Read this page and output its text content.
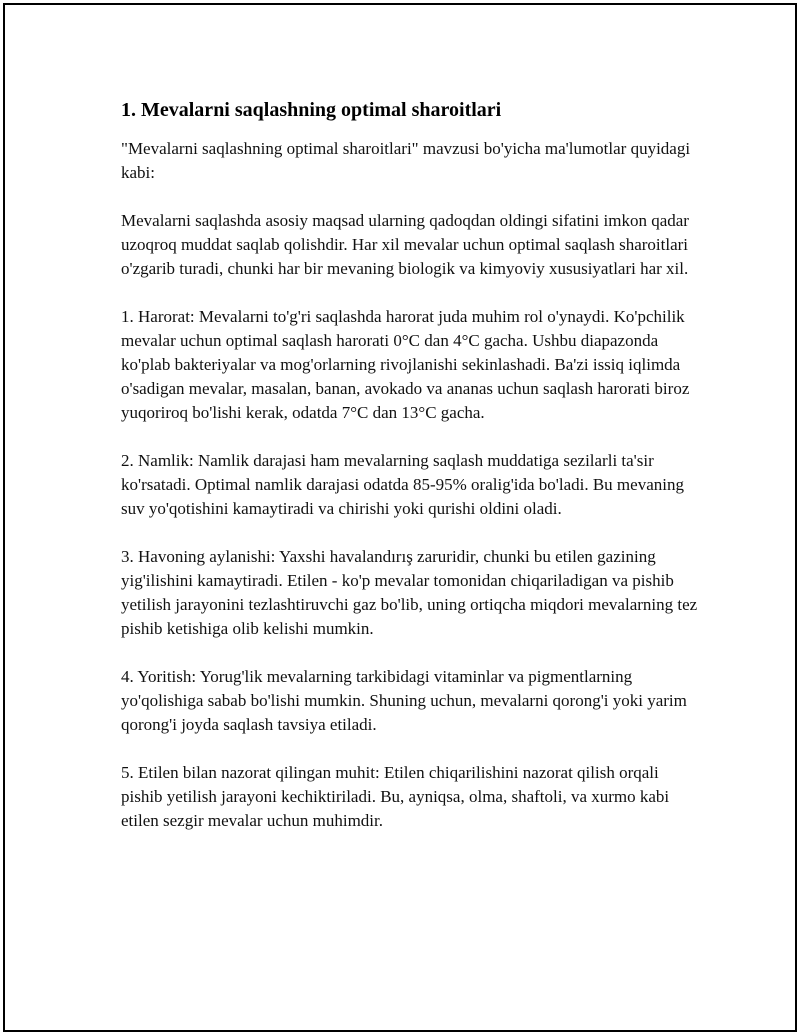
1. Mevalarni saqlashning optimal sharoitlari

"Mevalarni saqlashning optimal sharoitlari" mavzusi bo'yicha ma'lumotlar quyidagi kabi:

Mevalarni saqlashda asosiy maqsad ularning qadoqdan oldingi sifatini imkon qadar uzoqroq muddat saqlab qolishdir. Har xil mevalar uchun optimal saqlash sharoitlari o'zgarib turadi, chunki har bir mevaning biologik va kimyoviy xususiyatlari har xil.

1. Harorat: Mevalarni to'g'ri saqlashda harorat juda muhim rol o'ynaydi. Ko'pchilik mevalar uchun optimal saqlash harorati 0°C dan 4°C gacha. Ushbu diapazonda ko'plab bakteriyalar va mog'orlarning rivojlanishi sekinlashadi. Ba'zi issiq iqlimda o'sadigan mevalar, masalan, banan, avokado va ananas uchun saqlash harorati biroz yuqoriroq bo'lishi kerak, odatda 7°C dan 13°C gacha.

2. Namlik: Namlik darajasi ham mevalarning saqlash muddatiga sezilarli ta'sir ko'rsatadi. Optimal namlik darajasi odatda 85-95% oralig'ida bo'ladi. Bu mevaning suv yo'qotishini kamaytiradi va chirishi yoki qurishi oldini oladi.

3. Havoning aylanishi: Yaxshi havalandırış zaruridir, chunki bu etilen gazining yig'ilishini kamaytiradi. Etilen - ko'p mevalar tomonidan chiqariladigan va pishib yetilish jarayonini tezlashtiruvchi gaz bo'lib, uning ortiqcha miqdori mevalarning tez pishib ketishiga olib kelishi mumkin.

4. Yoritish: Yorug'lik mevalarning tarkibidagi vitaminlar va pigmentlarning yo'qolishiga sabab bo'lishi mumkin. Shuning uchun, mevalarni qorong'i yoki yarim qorong'i joyda saqlash tavsiya etiladi.

5. Etilen bilan nazorat qilingan muhit: Etilen chiqarilishini nazorat qilish orqali pishib yetilish jarayoni kechiktiriladi. Bu, ayniqsa, olma, shaftoli, va xurmo kabi etilen sezgir mevalar uchun muhimdir.
